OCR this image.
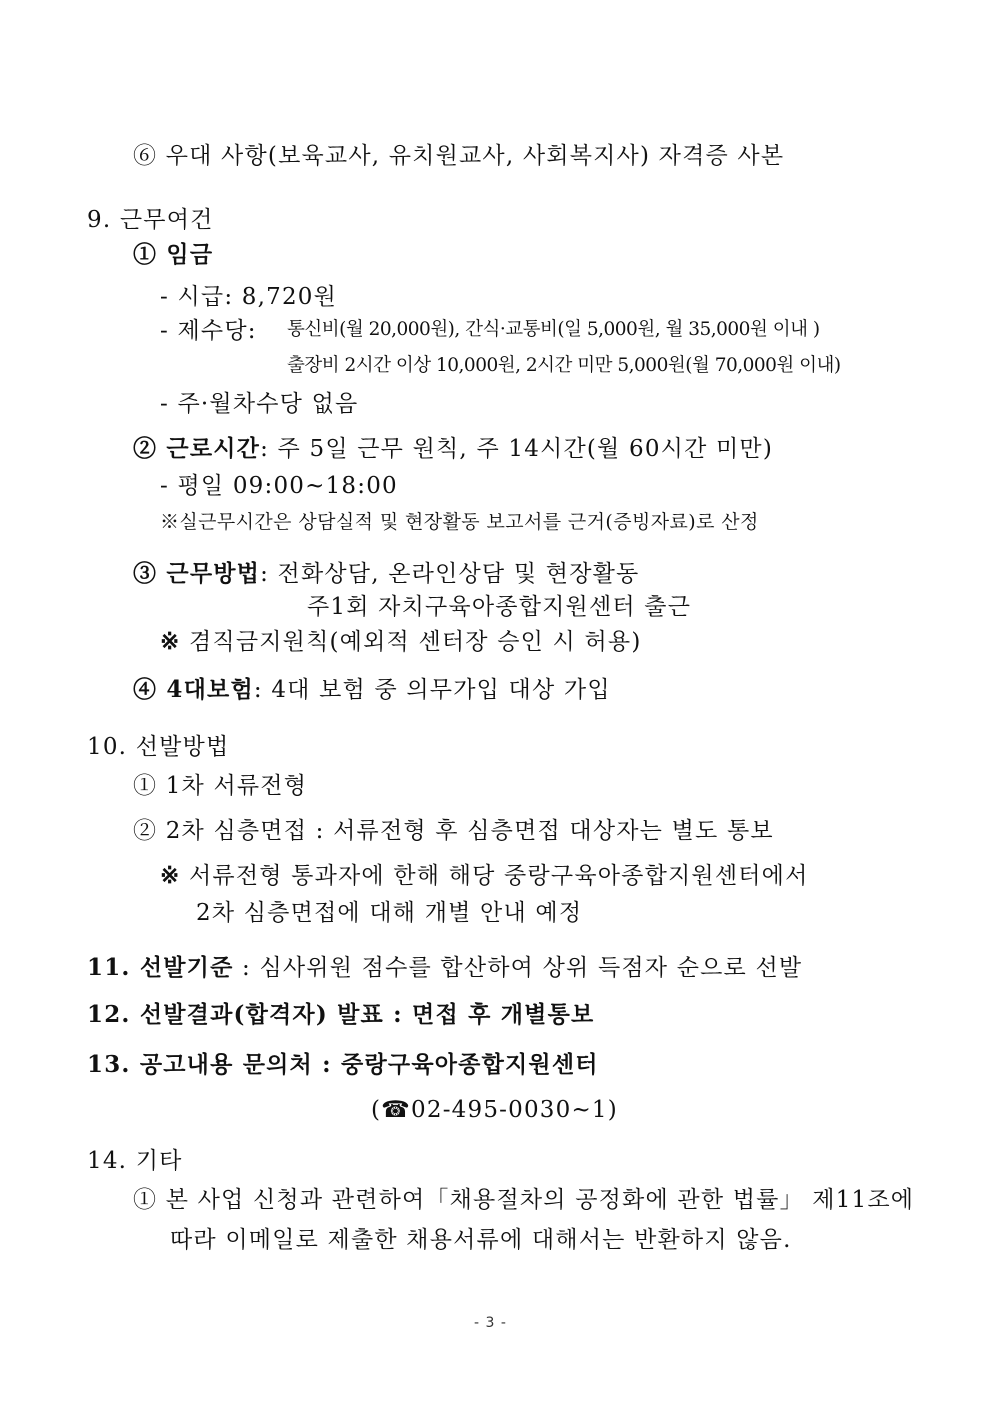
⑥ 우대 사항(보육교사, 유치원교사, 사회복지사) 자격증 사본
9. 근무여건
① 임금
- 시급: 8,720원
- 제수당: 통신비(월 20,000원), 간식·교통비(일 5,000원, 월 35,000원 이내 )
출장비 2시간 이상 10,000원, 2시간 미만 5,000원(월 70,000원 이내)
- 주·월차수당 없음
② 근로시간: 주 5일 근무 원칙, 주 14시간(월 60시간 미만)
- 평일 09:00~18:00
※실근무시간은 상담실적 및 현장활동 보고서를 근거(증빙자료)로 산정
③ 근무방법: 전화상담, 온라인상담 및 현장활동
주1회 자치구육아종합지원센터 출근
※ 겸직금지원칙(예외적 센터장 승인 시 허용)
④ 4대보험: 4대 보험 중 의무가입 대상 가입
10. 선발방법
① 1차 서류전형
② 2차 심층면접 : 서류전형 후 심층면접 대상자는 별도 통보
※ 서류전형 통과자에 한해 해당 중랑구육아종합지원센터에서
2차 심층면접에 대해 개별 안내 예정
11. 선발기준 : 심사위원 점수를 합산하여 상위 득점자 순으로 선발
12. 선발결과(합격자) 발표 : 면접 후 개별통보
13. 공고내용 문의처 : 중랑구육아종합지원센터
(☎02-495-0030~1)
14. 기타
① 본 사업 신청과 관련하여「채용절차의 공정화에 관한 법률」 제11조에
따라 이메일로 제출한 채용서류에 대해서는 반환하지 않음.
- 3 -
